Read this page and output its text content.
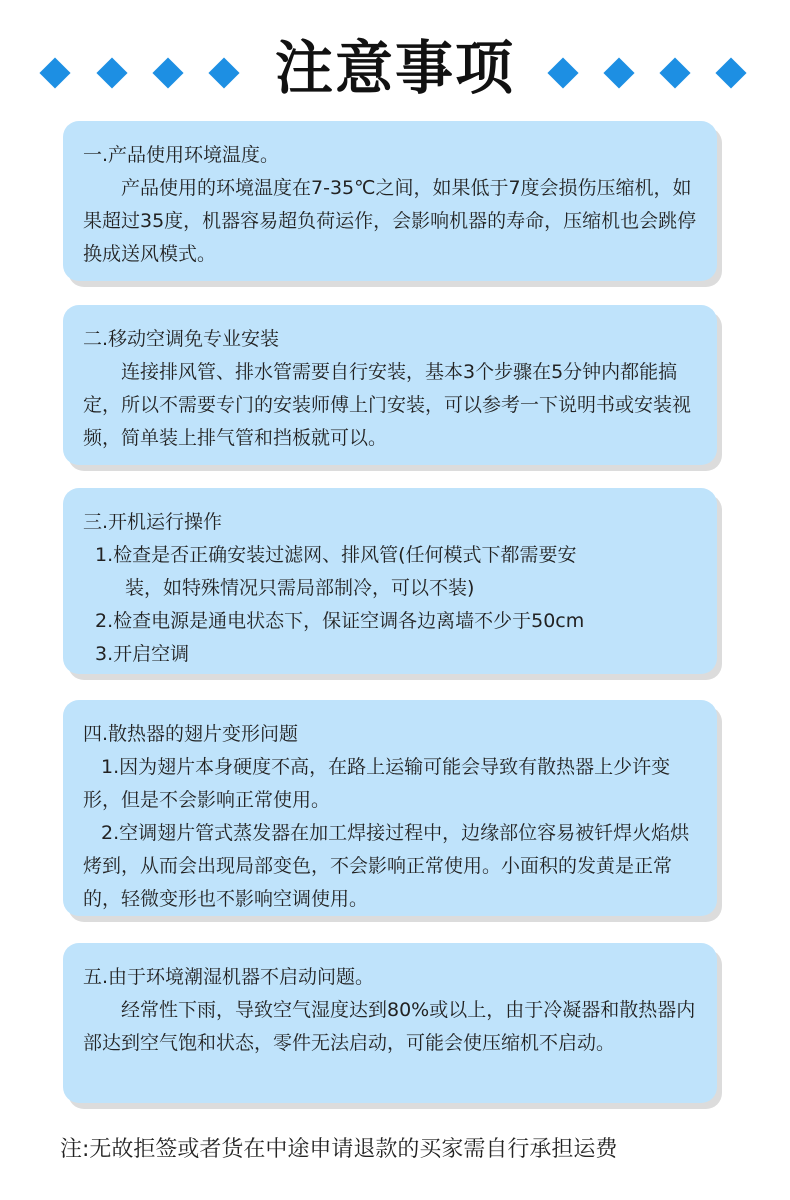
注意事项
一.产品使用环境温度。

产品使用的环境温度在7-35℃之间，如果低于7度会损伤压缩机，如果超过35度，机器容易超负荷运作，会影响机器的寿命，压缩机也会跳停换成送风模式。

二.移动空调免专业安装

连接排风管、排水管需要自行安装，基本3个步骤在5分钟内都能搞定，所以不需要专门的安装师傅上门安装，可以参考一下说明书或安装视频，简单装上排气管和挡板就可以。

三.开机运行操作

1.检查是否正确安装过滤网、排风管(任何模式下都需要安

装，如特殊情况只需局部制冷，可以不装)

2.检查电源是通电状态下，保证空调各边离墙不少于50cm

3.开启空调

四.散热器的翅片变形问题

1.因为翅片本身硬度不高，在路上运输可能会导致有散热器上少许变形，但是不会影响正常使用。

2.空调翅片管式蒸发器在加工焊接过程中，边缘部位容易被钎焊火焰烘烤到，从而会出现局部变色，不会影响正常使用。小面积的发黄是正常的，轻微变形也不影响空调使用。

五.由于环境潮湿机器不启动问题。

经常性下雨，导致空气湿度达到80%或以上，由于冷凝器和散热器内部达到空气饱和状态，零件无法启动，可能会使压缩机不启动。

注:无故拒签或者货在中途申请退款的买家需自行承担运费
